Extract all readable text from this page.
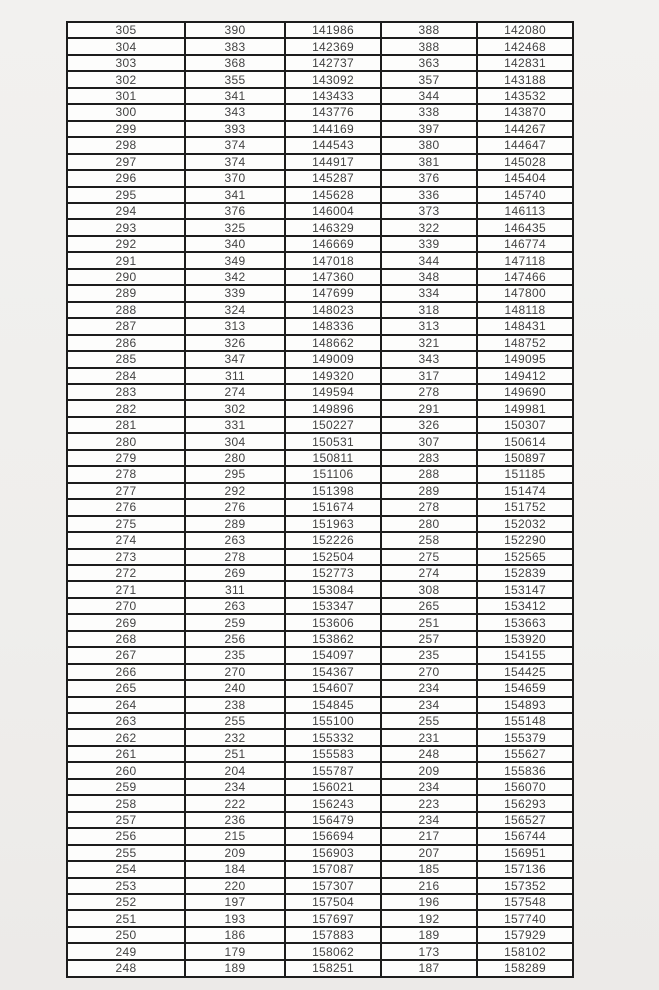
305	390	141986	388	142080
304	383	142369	388	142468
303	368	142737	363	142831
302	355	143092	357	143188
301	341	143433	344	143532
300	343	143776	338	143870
299	393	144169	397	144267
298	374	144543	380	144647
297	374	144917	381	145028
296	370	145287	376	145404
295	341	145628	336	145740
294	376	146004	373	146113
293	325	146329	322	146435
292	340	146669	339	146774
291	349	147018	344	147118
290	342	147360	348	147466
289	339	147699	334	147800
288	324	148023	318	148118
287	313	148336	313	148431
286	326	148662	321	148752
285	347	149009	343	149095
284	311	149320	317	149412
283	274	149594	278	149690
282	302	149896	291	149981
281	331	150227	326	150307
280	304	150531	307	150614
279	280	150811	283	150897
278	295	151106	288	151185
277	292	151398	289	151474
276	276	151674	278	151752
275	289	151963	280	152032
274	263	152226	258	152290
273	278	152504	275	152565
272	269	152773	274	152839
271	311	153084	308	153147
270	263	153347	265	153412
269	259	153606	251	153663
268	256	153862	257	153920
267	235	154097	235	154155
266	270	154367	270	154425
265	240	154607	234	154659
264	238	154845	234	154893
263	255	155100	255	155148
262	232	155332	231	155379
261	251	155583	248	155627
260	204	155787	209	155836
259	234	156021	234	156070
258	222	156243	223	156293
257	236	156479	234	156527
256	215	156694	217	156744
255	209	156903	207	156951
254	184	157087	185	157136
253	220	157307	216	157352
252	197	157504	196	157548
251	193	157697	192	157740
250	186	157883	189	157929
249	179	158062	173	158102
248	189	158251	187	158289
